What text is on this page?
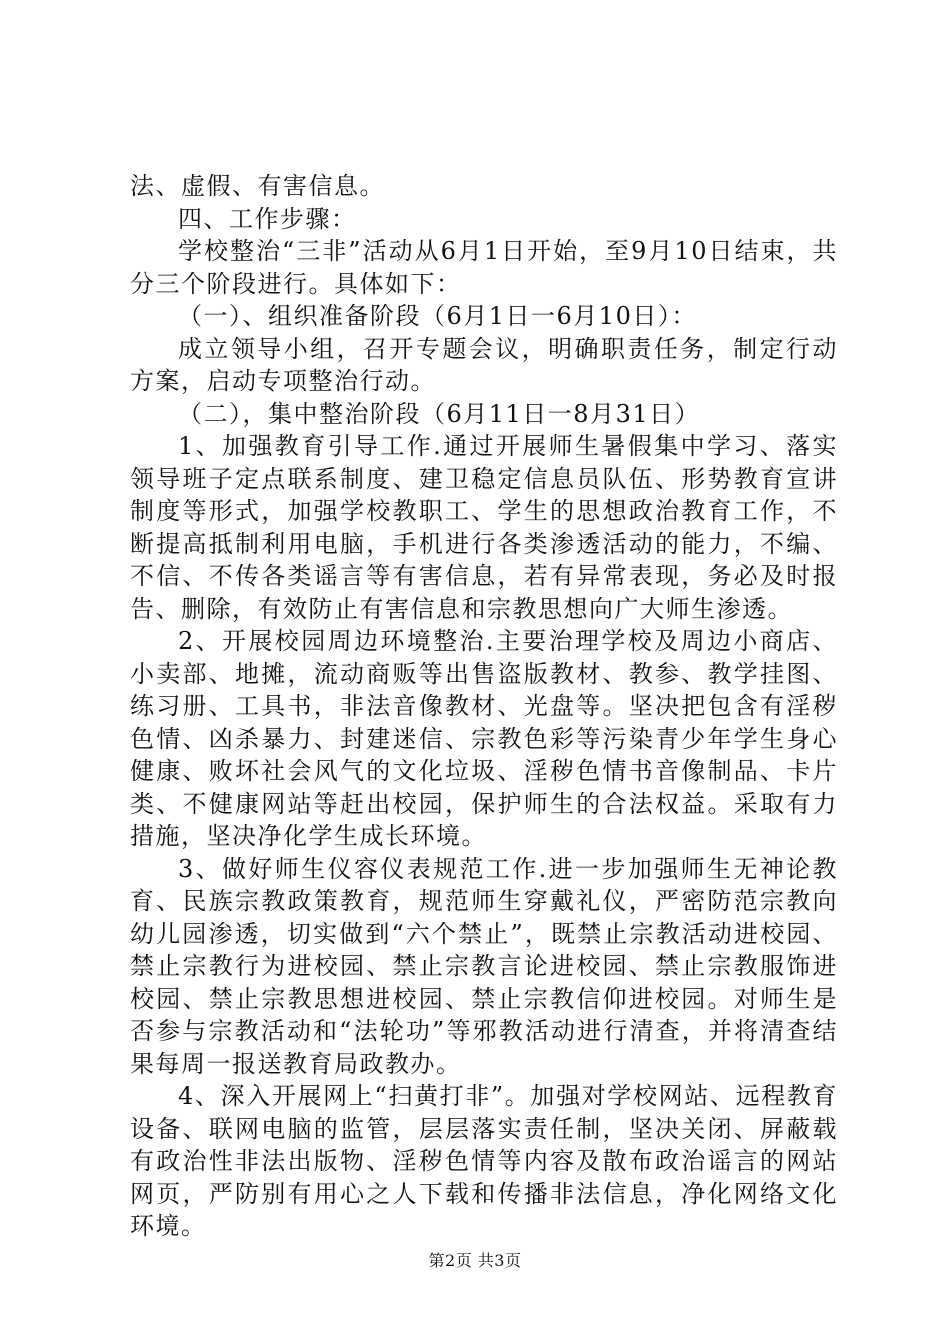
法、虚假、有害信息。

四、工作步骤：

学校整治“三非”活动从6月1日开始，至9月10日结束，共分三个阶段进行。具体如下：

（一）、组织准备阶段（6月1日一6月10日）：

成立领导小组，召开专题会议，明确职责任务，制定行动方案，启动专项整治行动。

（二），集中整治阶段（6月11日一8月31日）

1、加强教育引导工作.通过开展师生暑假集中学习、落实领导班子定点联系制度、建卫稳定信息员队伍、形势教育宣讲制度等形式，加强学校教职工、学生的思想政治教育工作，不断提高抵制利用电脑，手机进行各类渗透活动的能力，不编、不信、不传各类谣言等有害信息，若有异常表现，务必及时报告、删除，有效防止有害信息和宗教思想向广大师生渗透。

2、开展校园周边环境整治.主要治理学校及周边小商店、小卖部、地摊，流动商贩等出售盗版教材、教参、教学挂图、练习册、工具书，非法音像教材、光盘等。坚决把包含有淫秽色情、凶杀暴力、封建迷信、宗教色彩等污染青少年学生身心健康、败坏社会风气的文化垃圾、淫秽色情书音像制品、卡片类、不健康网站等赶出校园，保护师生的合法权益。采取有力措施，坚决净化学生成长环境。

3、做好师生仪容仪表规范工作.进一步加强师生无神论教育、民族宗教政策教育，规范师生穿戴礼仪，严密防范宗教向幼儿园渗透，切实做到“六个禁止”，既禁止宗教活动进校园、禁止宗教行为进校园、禁止宗教言论进校园、禁止宗教服饰进校园、禁止宗教思想进校园、禁止宗教信仰进校园。对师生是否参与宗教活动和“法轮功”等邪教活动进行清查，并将清查结果每周一报送教育局政教办。

4、深入开展网上“扫黄打非”。加强对学校网站、远程教育设备、联网电脑的监管，层层落实责任制，坚决关闭、屏蔽载有政治性非法出版物、淫秽色情等内容及散布政治谣言的网站网页，严防别有用心之人下载和传播非法信息，净化网络文化环境。

第2页 共3页
